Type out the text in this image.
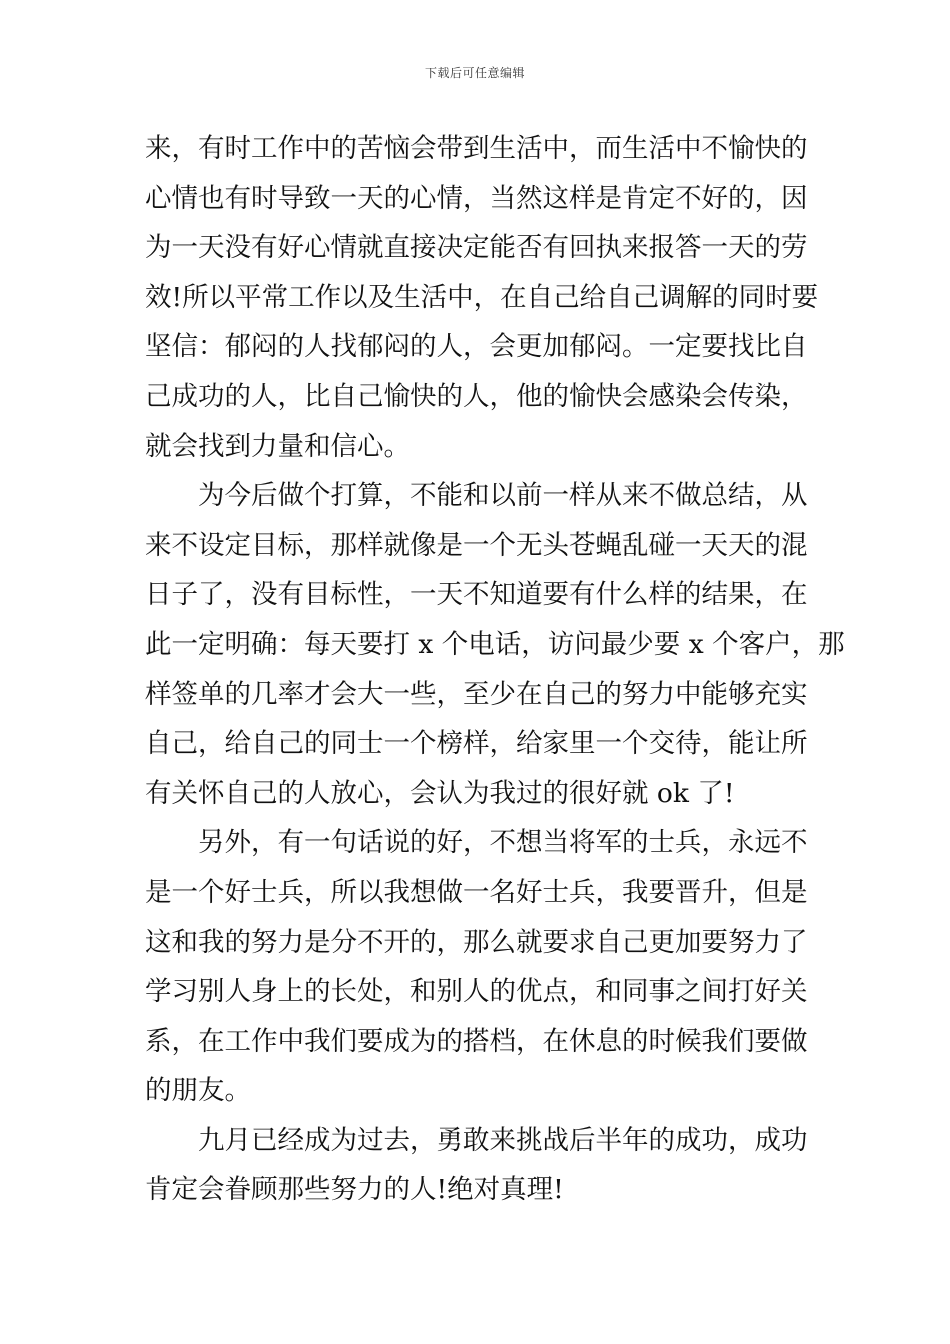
下载后可任意编辑
来，有时工作中的苦恼会带到生活中，而生活中不愉快的
心情也有时导致一天的心情，当然这样是肯定不好的，因
为一天没有好心情就直接决定能否有回执来报答一天的劳
效!所以平常工作以及生活中，在自己给自己调解的同时要
坚信：郁闷的人找郁闷的人，会更加郁闷。一定要找比自
己成功的人，比自己愉快的人，他的愉快会感染会传染，
就会找到力量和信心。
为今后做个打算，不能和以前一样从来不做总结，从
来不设定目标，那样就像是一个无头苍蝇乱碰一天天的混
日子了，没有目标性，一天不知道要有什么样的结果，在
此一定明确：每天要打 x 个电话，访问最少要 x 个客户，那
样签单的几率才会大一些，至少在自己的努力中能够充实
自己，给自己的同士一个榜样，给家里一个交待，能让所
有关怀自己的人放心，会认为我过的很好就 ok 了!
另外，有一句话说的好，不想当将军的士兵，永远不
是一个好士兵，所以我想做一名好士兵，我要晋升，但是
这和我的努力是分不开的，那么就要求自己更加要努力了
学习别人身上的长处，和别人的优点，和同事之间打好关
系，在工作中我们要成为的搭档，在休息的时候我们要做
的朋友。
九月已经成为过去，勇敢来挑战后半年的成功，成功
肯定会眷顾那些努力的人!绝对真理!
